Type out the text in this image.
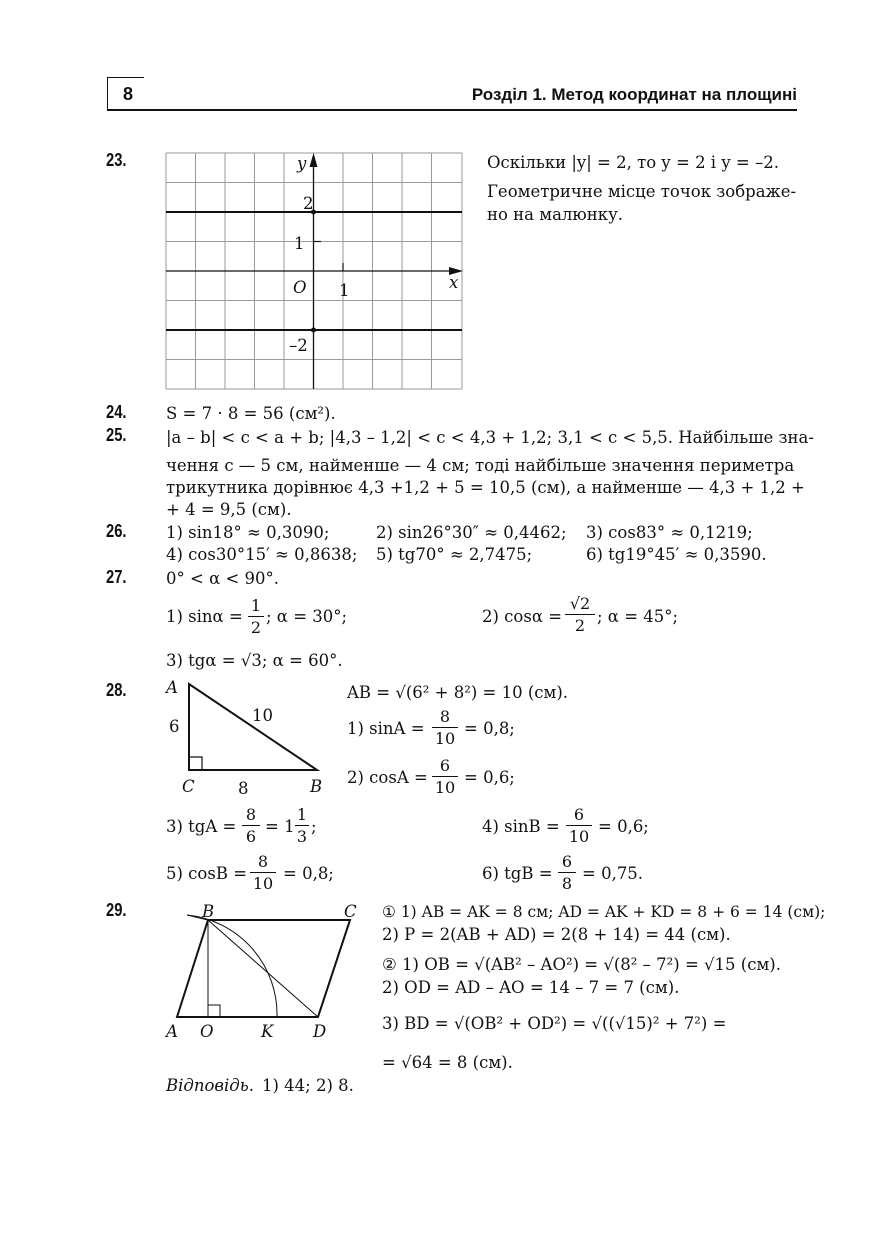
8	Розділ 1. Метод координат на площині
23.	y
x
O
2
1
1
–2
Оскільки |y| = 2, то y = 2 і y = –2.
Геометричне місце точок зображе-
но на малюнку.
24. S = 7 · 8 = 56 (см²).
25. |a – b| < c < a + b; |4,3 – 1,2| < c < 4,3 + 1,2; 3,1 < c < 5,5. Найбільше зна-
чення c — 5 см, найменше — 4 см; тоді найбільше значення периметра
трикутника дорівнює 4,3 +1,2 + 5 = 10,5 (см), а найменше — 4,3 + 1,2 +
+ 4 = 9,5 (см).
26. 1) sin18° ≈ 0,3090;	2) sin26°30″ ≈ 0,4462; 3) cos83° ≈ 0,1219;
4) cos30°15′ ≈ 0,8638; 5) tg70° ≈ 2,7475;	6) tg19°45′ ≈ 0,3590.
27. 0° < α < 90°.
1) sinα =
1
2
; α = 30°;	2) cosα =
√2
2 ; α = 45°;
3) tgα = √3; α = 60°.
28. A
C	B
6
8
10
AB = √(6² + 8²) = 10 (см).
1) sinA =
8
10
= 0,8;
2) cosA =
6
10
= 0,6;
3) tgA =
8
6
= 1
1
3
;	4) sinB =
6
10
= 0,6;
5) cosB =
8
10
= 0,8;	6) tgB =
6
8
= 0,75.
29.	B	C
A O	K D
① 1) AB = AK = 8 см; AD = AK + KD = 8 + 6 = 14 (см);
2) P = 2(AB + AD) = 2(8 + 14) = 44 (см).
② 1) OB = √(AB² – AO²) = √(8² – 7²) = √15 (см).
2) OD = AD – AO = 14 – 7 = 7 (см).
3) BD = √(OB² + OD²) = √((√15)² + 7²) =
= √64 = 8 (см).
Відповідь. 1) 44; 2) 8.
